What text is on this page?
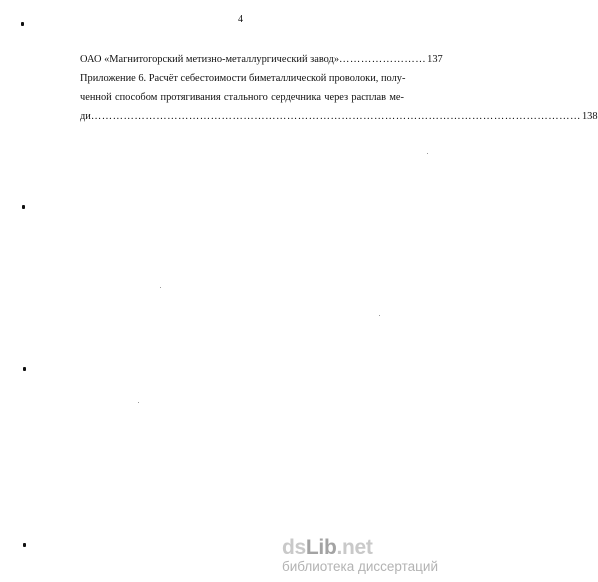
4
ОАО «Магнитогорский метизно-металлургический завод» …………………… 137
Приложение 6. Расчёт себестоимости биметаллической проволоки, полу-
ченной способом протягивания стального сердечника через расплав ме-
ди ……………………………………………………………………………………………………………………… 138
dsLib.net
библиотека диссертаций
